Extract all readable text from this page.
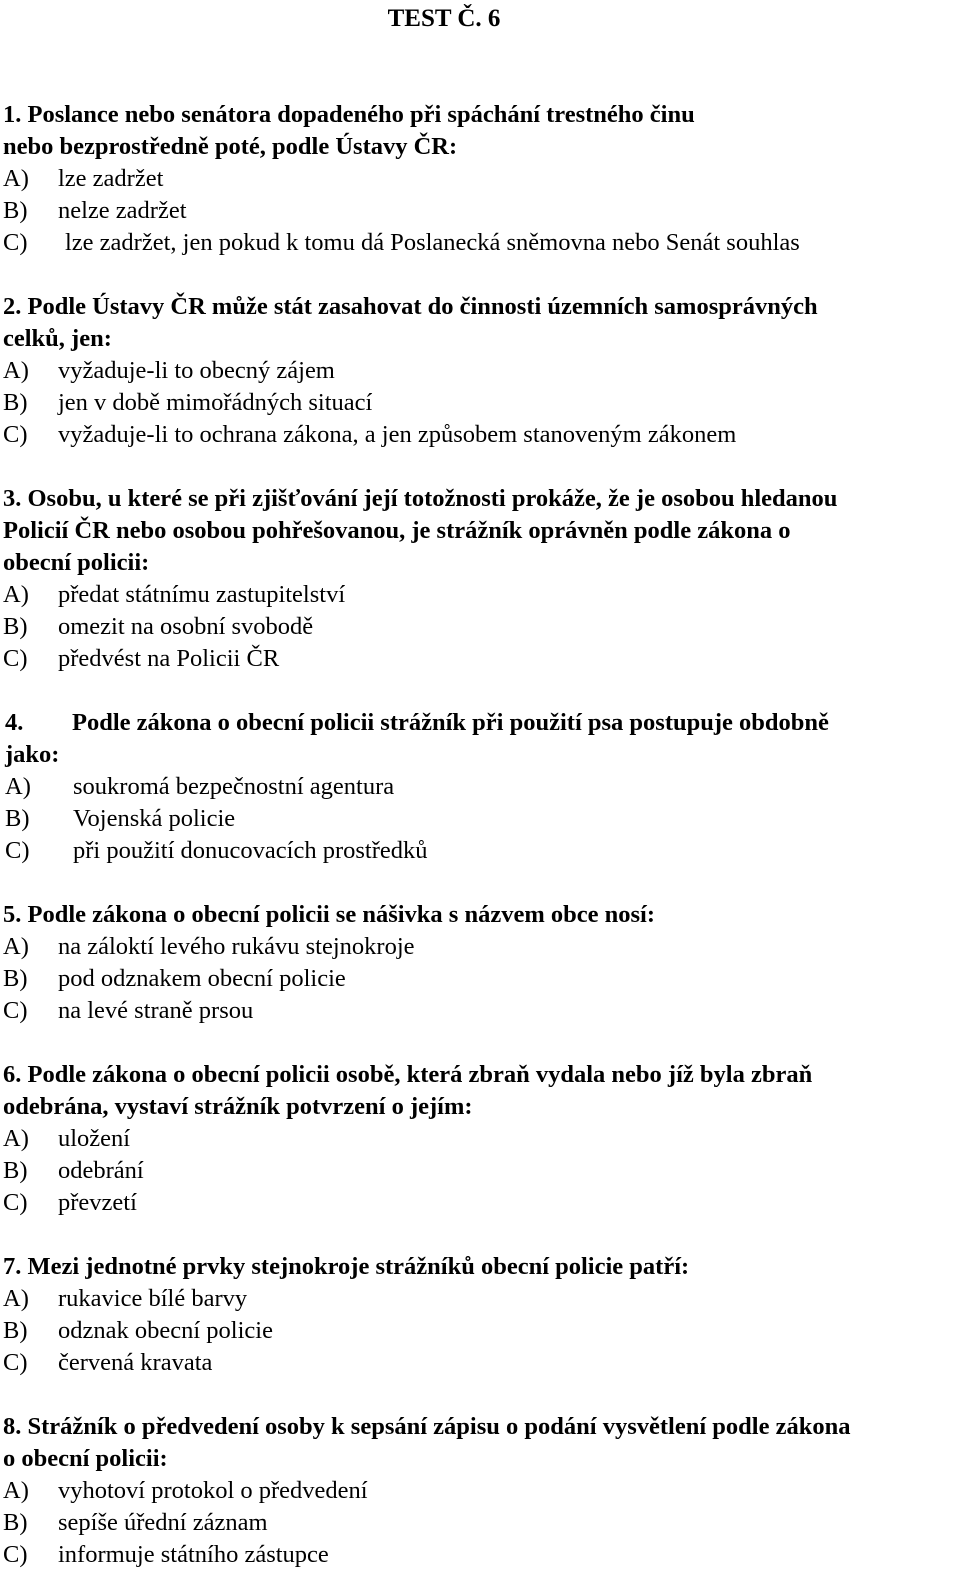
TEST Č. 6
1. Poslance nebo senátora dopadeného při spáchání trestného činu
nebo bezprostředně poté, podle Ústavy ČR:
A)	lze zadržet
B)	nelze zadržet
C)	lze zadržet, jen pokud k tomu dá Poslanecká sněmovna nebo Senát souhlas
2. Podle Ústavy ČR může stát zasahovat do činnosti územních samosprávných
celků, jen:
A)	vyžaduje-li to obecný zájem
B)	jen v době mimořádných situací
C)	vyžaduje-li to ochrana zákona, a jen způsobem stanoveným zákonem
3. Osobu, u které se při zjišťování její totožnosti prokáže, že je osobou hledanou
Policií ČR nebo osobou pohřešovanou, je strážník oprávněn podle zákona o
obecní policii:
A)	předat státnímu zastupitelství
B)	omezit na osobní svobodě
C)	předvést na Policii ČR
4. Podle zákona o obecní policii strážník při použití psa postupuje obdobně
jako:
A)	soukromá bezpečnostní agentura
B)	Vojenská policie
C)	při použití donucovacích prostředků
5. Podle zákona o obecní policii se nášivka s názvem obce nosí:
A)	na záloktí levého rukávu stejnokroje
B)	pod odznakem obecní policie
C)	na levé straně prsou
6. Podle zákona o obecní policii osobě, která zbraň vydala nebo jíž byla zbraň
odebrána, vystaví strážník potvrzení o jejím:
A)	uložení
B)	odebrání
C)	převzetí
7. Mezi jednotné prvky stejnokroje strážníků obecní policie patří:
A)	rukavice bílé barvy
B)	odznak obecní policie
C)	červená kravata
8. Strážník o předvedení osoby k sepsání zápisu o podání vysvětlení podle zákona
o obecní policii:
A)	vyhotoví protokol o předvedení
B)	sepíše úřední záznam
C)	informuje státního zástupce
